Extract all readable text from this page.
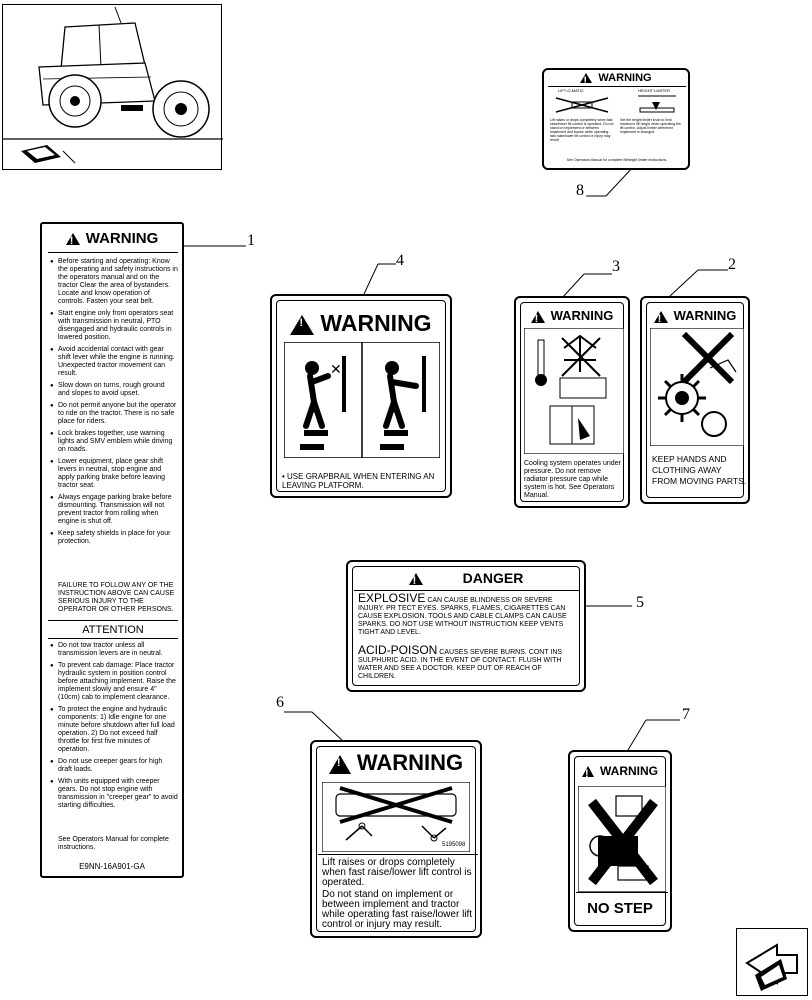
1
2
3
4
5
6
7
8
!WARNING
LIFT-O-MATIC	HEIGHT LIMITER
Lift raises or drops completely when fast raise/lower lift control is operated. Do not stand on implement or between implement and tractor while operating fast raise/lower lift control or injury may result.
Set the height limiter knob to limit maximum lift height when operating the lift control. Adjust limiter whenever implement is changed.
See Operators Manual for complete lift/height limiter instructions.
!WARNING
● Before starting and operating: Know the operating and safety instructions in the operators manual and on the tractor Clear the area of bystanders. Locate and know operation of controls. Fasten your seat belt.
● Start engine only from operators seat with transmission in neutral, PTO disengaged and hydraulic controls in lowered position.
● Avoid accidental contact with gear shift lever while the engine is running. Unexpected tractor movement can result.
● Slow down on turns, rough ground and slopes to avoid upset.
● Do not permit anyone but the operator to ride on the tractor. There is no safe place for riders.
● Lock brakes together, use warning lights and SMV emblem while driving on roads.
● Lower equipment, place gear shift levers in neutral, stop engine and apply parking brake before leaving tractor seat.
● Always engage parking brake before dismounting. Transmission will not prevent tractor from rolling when engine is shut off.
● Keep safety shields in place for your protection.
FAILURE TO FOLLOW ANY OF THE INSTRUCTION ABOVE CAN CAUSE SERIOUS INJURY TO THE OPERATOR OR OTHER PERSONS.
ATTENTION
● Do not tow tractor unless all transmission levers are in neutral.
● To prevent cab damage: Place tractor hydraulic system in position control before attaching implement. Raise the implement slowly and ensure 4" (10cm) cab to implement clearance.
● To protect the engine and hydraulic components: 1) Idle engine for one minute before shutdown after full load operation. 2) Do not exceed half throttle for first five minutes of operation.
● Do not use creeper gears for high draft loads.
● With units equipped with creeper gears. Do not stop engine with transmission in "creeper gear" to avoid starting difficulties.
See Operators Manual for complete instructions.
E9NN-16A901-GA
!WARNING
✕
• USE GRAPBRAIL WHEN ENTERING AN LEAVING PLATFORM.
!WARNING
Cooling system operates under pressure. Do not remove radiator pressure cap while system is hot. See Operators Manual.
!WARNING
KEEP HANDS AND CLOTHING AWAY FROM MOVING PARTS.
!DANGER
EXPLOSIVE CAN CAUSE BLINDNESS OR SEVERE INJURY. PR TECT EYES. SPARKS, FLAMES, CIGARETTES CAN CAUSE EXPLOSION. TOOLS AND CABLE CLAMPS CAN CAUSE SPARKS. DO NOT USE WITHOUT INSTRUCTION KEEP VENTS TIGHT AND LEVEL.
ACID-POISON CAUSES SEVERE BURNS. CONT INS SULPHURIC ACID. IN THE EVENT OF CONTACT. FLUSH WITH WATER AND SEE A DOCTOR. KEEP OUT OF REACH OF CHILDREN.
!WARNING
5195098
Lift raises or drops completely when fast raise/lower lift control is operated.
Do not stand on implement or between implement and tractor while operating fast raise/lower lift control or injury may result.
!WARNING
NO STEP
